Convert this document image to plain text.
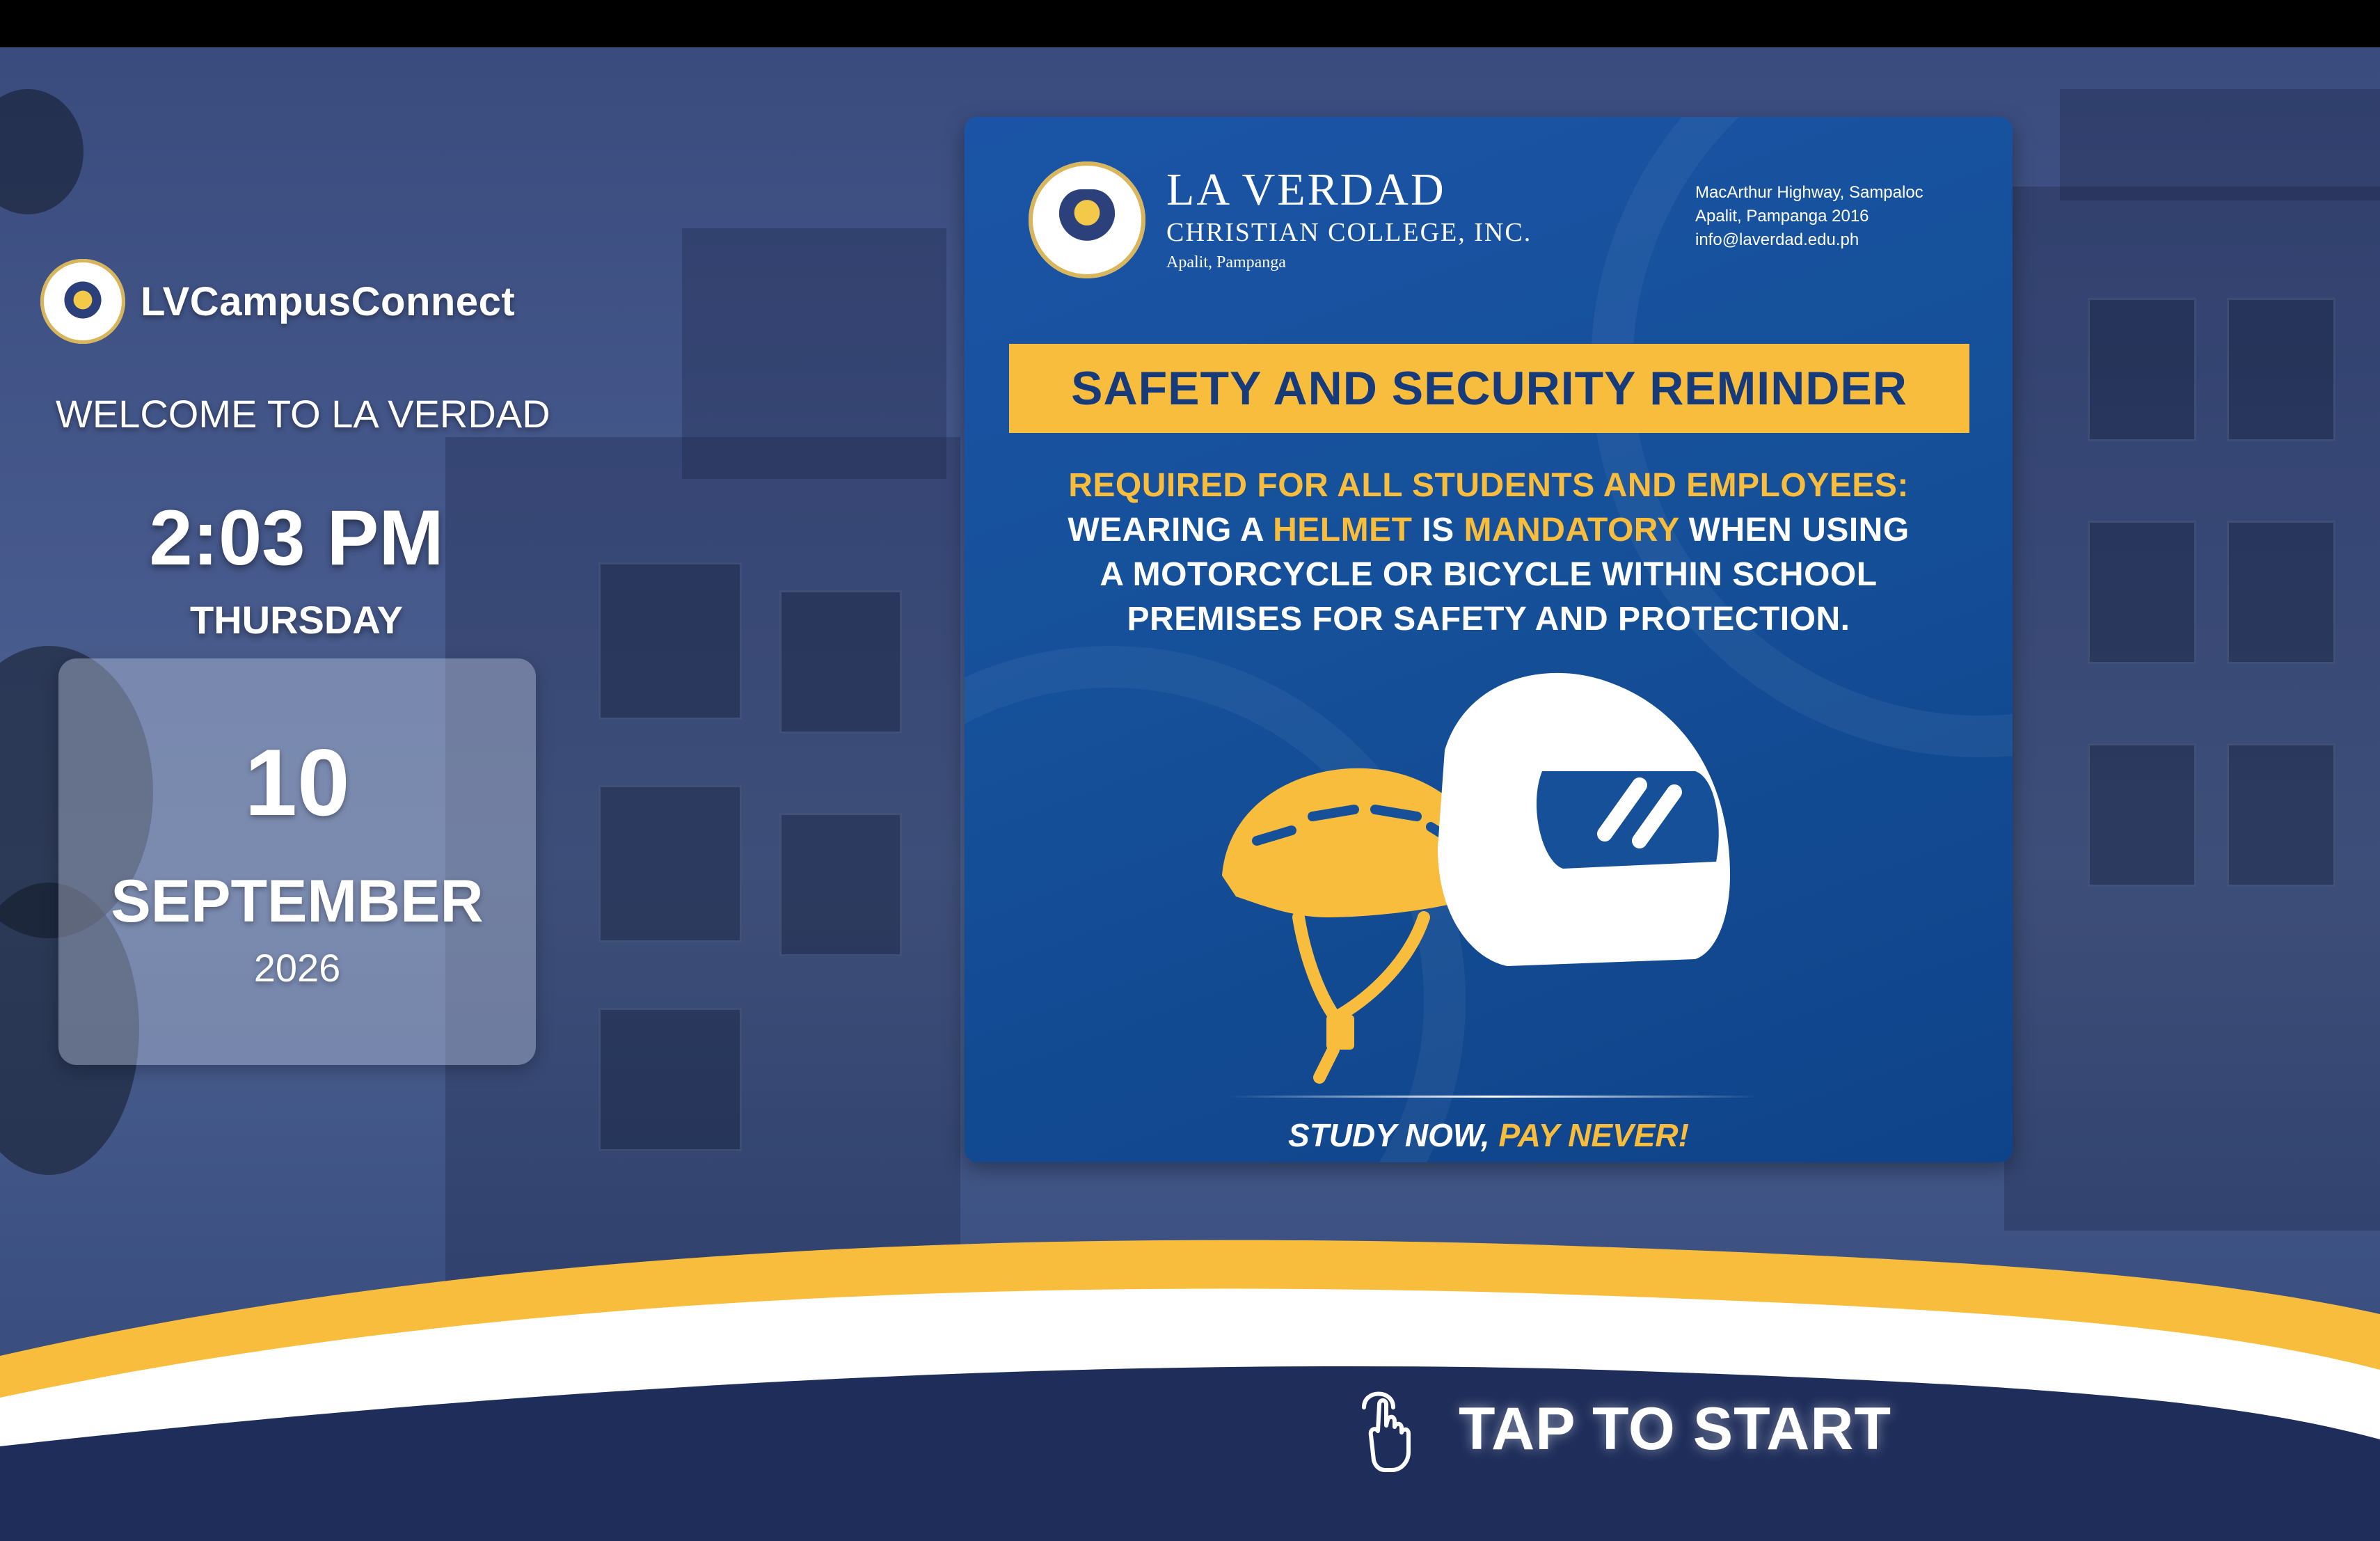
LVCampusConnect
WELCOME TO LA VERDAD
2:03 PM
THURSDAY
10
SEPTEMBER
2026
LA VERDAD
CHRISTIAN COLLEGE, INC.
Apalit, Pampanga
MacArthur Highway, Sampaloc
Apalit, Pampanga 2016
info@laverdad.edu.ph
SAFETY AND SECURITY REMINDER
REQUIRED FOR ALL STUDENTS AND EMPLOYEES:
WEARING A HELMET IS MANDATORY WHEN USING
A MOTORCYCLE OR BICYCLE WITHIN SCHOOL
PREMISES FOR SAFETY AND PROTECTION.
STUDY NOW, PAY NEVER!
TAP TO START
